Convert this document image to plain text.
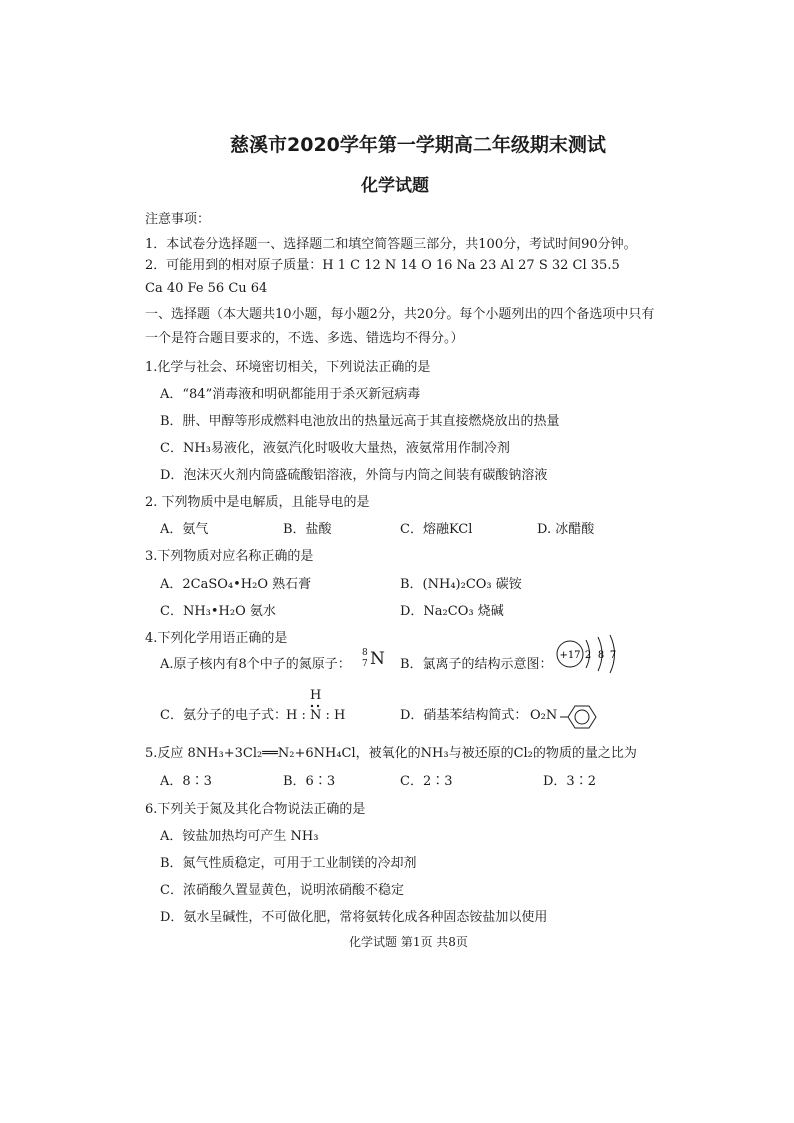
慈溪市2020学年第一学期高二年级期末测试
化学试题
注意事项：
1．本试卷分选择题一、选择题二和填空简答题三部分，共100分，考试时间90分钟。
2．可能用到的相对原子质量：H 1 C 12 N 14 O 16 Na 23 Al 27 S 32 Cl 35.5
Ca 40 Fe 56 Cu 64
一、选择题（本大题共10小题，每小题2分，共20分。每个小题列出的四个备选项中只有
一个是符合题目要求的，不选、多选、错选均不得分。）
1.化学与社会、环境密切相关，下列说法正确的是
A．“84”消毒液和明矾都能用于杀灭新冠病毒
B．肼、甲醇等形成燃料电池放出的热量远高于其直接燃烧放出的热量
C．NH₃易液化，液氨汽化时吸收大量热，液氨常用作制冷剂
D．泡沫灭火剂内筒盛硫酸铝溶液，外筒与内筒之间装有碳酸钠溶液
2. 下列物质中是电解质，且能导电的是
A．氨气	B．盐酸	C．熔融KCl	D. 冰醋酸
3.下列物质对应名称正确的是
A．2CaSO₄•H₂O 熟石膏	B．(NH₄)₂CO₃ 碳铵
C．NH₃•H₂O 氨水	D．Na₂CO₃ 烧碱
4.下列化学用语正确的是
A.原子核内有8个中子的氮原子：
8
7 N B．氯离子的结构示意图：
+17 2 8 7
C．氨分子的电子式：
H
H : N : H	D．硝基苯结构简式： O₂N
5.反应 8NH₃+3Cl₂══N₂+6NH₄Cl，被氧化的NH₃与被还原的Cl₂的物质的量之比为
A．8∶3	B．6∶3	C．2∶3	D．3∶2
6.下列关于氮及其化合物说法正确的是
A．铵盐加热均可产生 NH₃
B．氮气性质稳定，可用于工业制镁的冷却剂
C．浓硝酸久置显黄色，说明浓硝酸不稳定
D．氨水呈碱性，不可做化肥，常将氨转化成各种固态铵盐加以使用
化学试题 第1页 共8页
